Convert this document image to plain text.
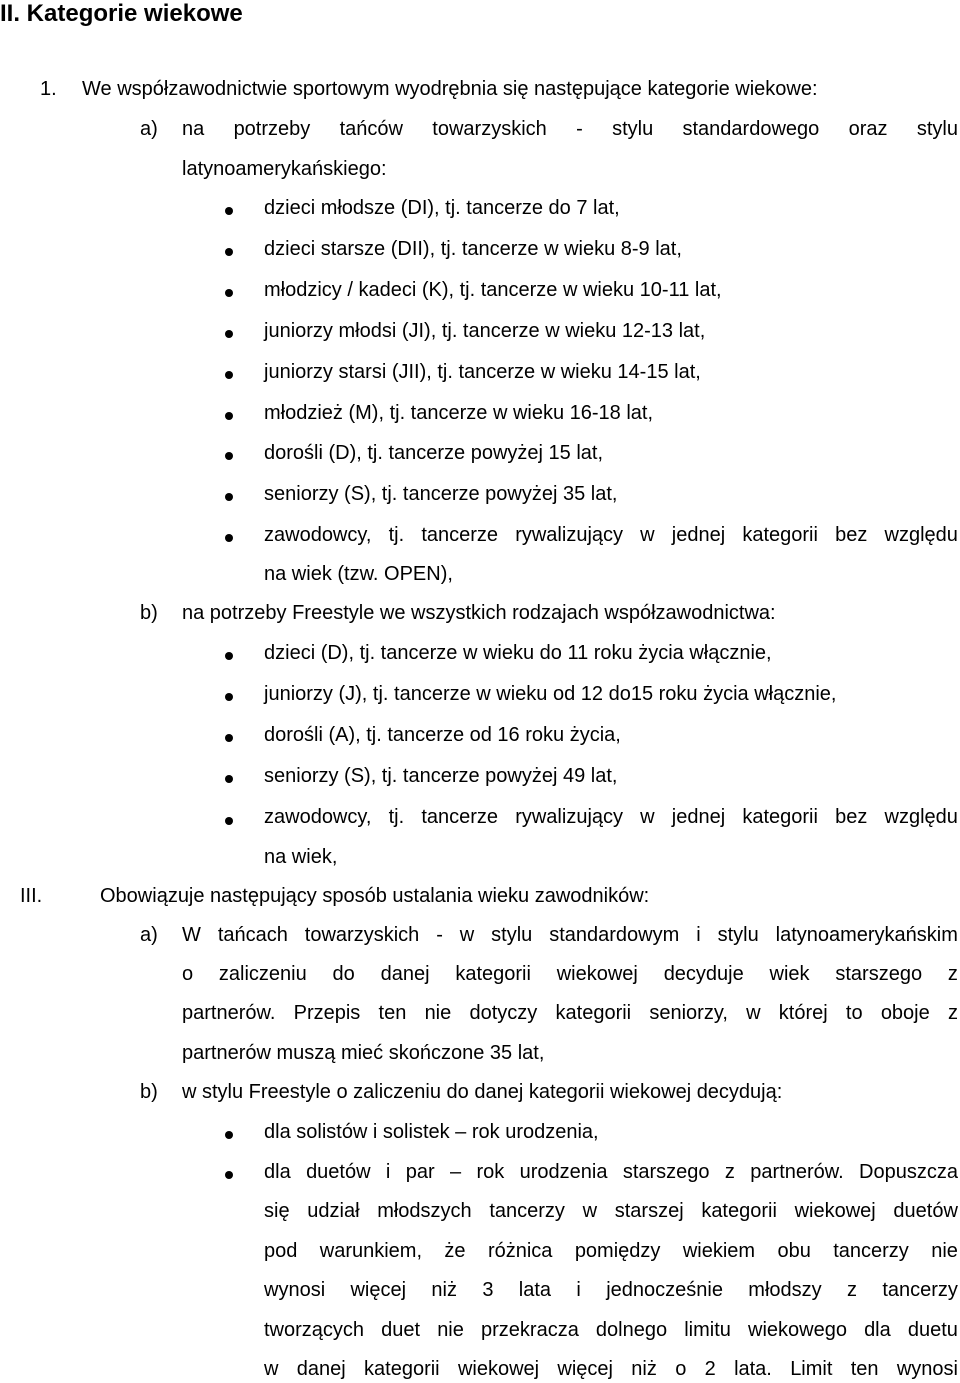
II. Kategorie wiekowe
1. We współzawodnictwie sportowym wyodrębnia się następujące kategorie wiekowe:
a) na potrzeby tańców towarzyskich - stylu standardowego oraz stylu
latynoamerykańskiego:
dzieci młodsze (DI), tj. tancerze do 7 lat,
dzieci starsze (DII), tj. tancerze w wieku 8-9 lat,
młodzicy / kadeci (K), tj. tancerze w wieku 10-11 lat,
juniorzy młodsi (JI), tj. tancerze w wieku 12-13 lat,
juniorzy starsi (JII), tj. tancerze w wieku 14-15 lat,
młodzież (M), tj. tancerze w wieku 16-18 lat,
dorośli (D), tj. tancerze powyżej 15 lat,
seniorzy (S), tj. tancerze powyżej 35 lat,
zawodowcy, tj. tancerze rywalizujący w jednej kategorii bez względu
na wiek (tzw. OPEN),
b) na potrzeby Freestyle we wszystkich rodzajach współzawodnictwa:
dzieci (D), tj. tancerze w wieku do 11 roku życia włącznie,
juniorzy (J), tj. tancerze w wieku od 12 do15 roku życia włącznie,
dorośli (A), tj. tancerze od 16 roku życia,
seniorzy (S), tj. tancerze powyżej 49 lat,
zawodowcy, tj. tancerze rywalizujący w jednej kategorii bez względu
na wiek,
III.	Obowiązuje następujący sposób ustalania wieku zawodników:
a) W tańcach towarzyskich - w stylu standardowym i stylu latynoamerykańskim
o zaliczeniu do danej kategorii wiekowej decyduje wiek starszego z
partnerów. Przepis ten nie dotyczy kategorii seniorzy, w której to oboje z
partnerów muszą mieć skończone 35 lat,
b) w stylu Freestyle o zaliczeniu do danej kategorii wiekowej decydują:
dla solistów i solistek – rok urodzenia,
dla duetów i par – rok urodzenia starszego z partnerów. Dopuszcza
się udział młodszych tancerzy w starszej kategorii wiekowej duetów
pod warunkiem, że różnica pomiędzy wiekiem obu tancerzy nie
wynosi więcej niż 3 lata i jednocześnie młodszy z tancerzy
tworzących duet nie przekracza dolnego limitu wiekowego dla duetu
w danej kategorii wiekowej więcej niż o 2 lata. Limit ten wynosi
